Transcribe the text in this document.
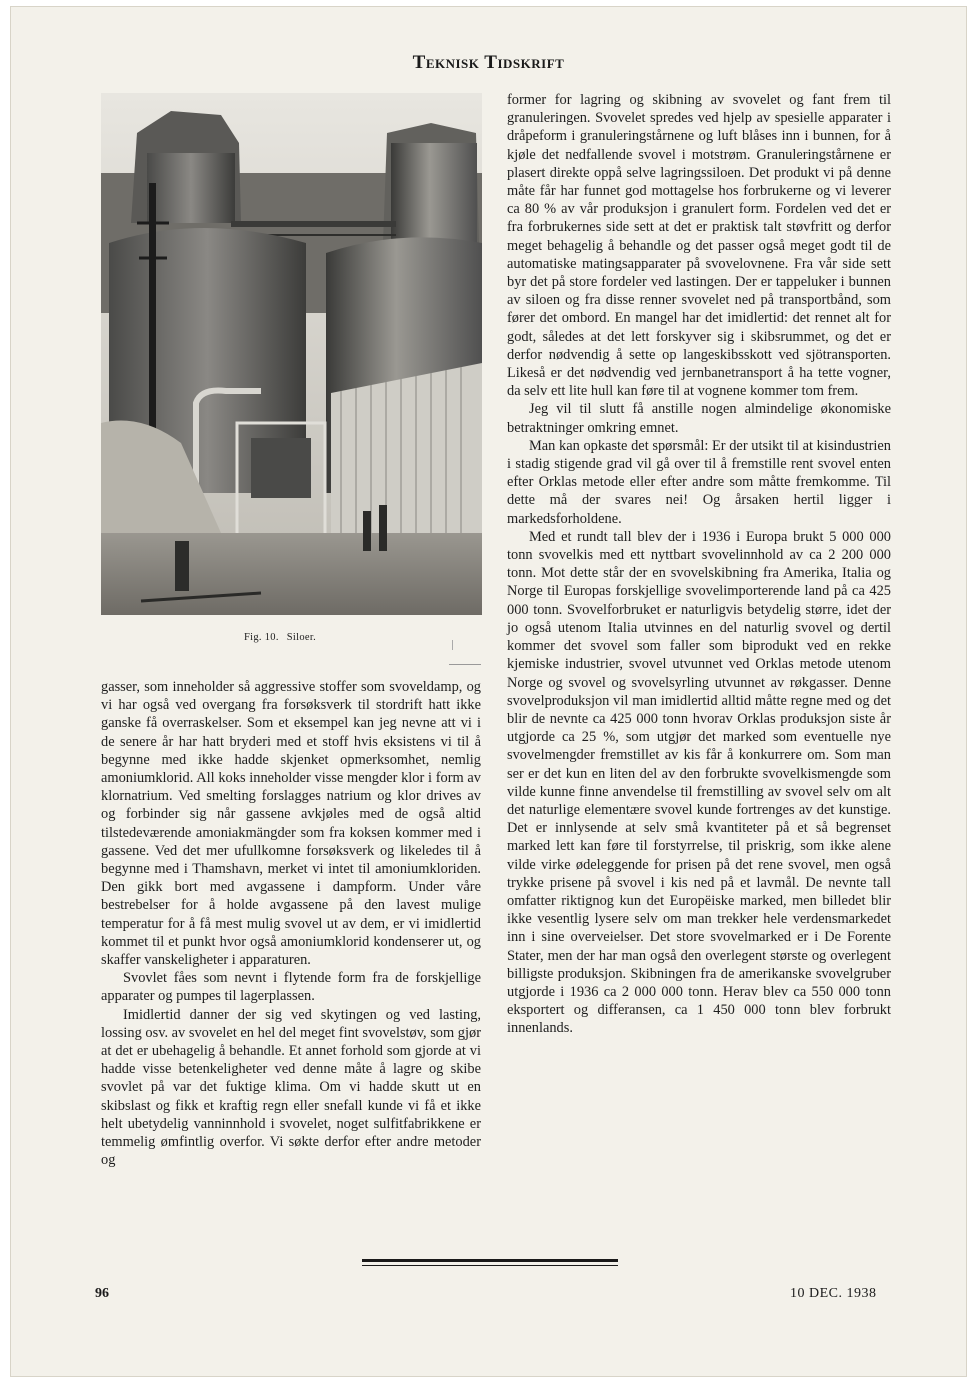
Teknisk Tidskrift
Fig. 10. Siloer.

gasser, som inneholder så aggressive stoffer som svoveldamp, og vi har også ved overgang fra forsøksverk til stordrift hatt ikke ganske få overraskelser. Som et eksempel kan jeg nevne att vi i de senere år har hatt bryderi med et stoff hvis eksistens vi til å begynne med ikke hadde skjenket opmerksomhet, nemlig amoniumklorid. All koks inneholder visse mengder klor i form av klornatrium. Ved smelting forslagges natrium og klor drives av og forbinder sig når gassene avkjøles med de også altid tilstedeværende amoniakmängder som fra koksen kommer med i gassene. Ved det mer ufullkomne forsøksverk og likeledes til å begynne med i Thamshavn, merket vi intet til amoniumkloriden. Den gikk bort med avgassene i dampform. Under våre bestrebelser for å holde avgassene på den lavest mulige temperatur for å få mest mulig svovel ut av dem, er vi imidlertid kommet til et punkt hvor også amoniumklorid kondenserer ut, og skaffer vanskeligheter i apparaturen.

Svovlet fåes som nevnt i flytende form fra de forskjellige apparater og pumpes til lagerplassen.

Imidlertid danner der sig ved skytingen og ved lasting, lossing osv. av svovelet en hel del meget fint svovelstøv, som gjør at det er ubehagelig å behandle. Et annet forhold som gjorde at vi hadde visse betenkeligheter ved denne måte å lagre og skibe svovlet på var det fuktige klima. Om vi hadde skutt ut en skibslast og fikk et kraftig regn eller snefall kunde vi få et ikke helt ubetydelig vanninnhold i svovelet, noget sulfitfabrikkene er temmelig ømfintlig overfor. Vi søkte derfor efter andre metoder og

former for lagring og skibning av svovelet og fant frem til granuleringen. Svovelet spredes ved hjelp av spesielle apparater i dråpeform i granuleringstårnene og luft blåses inn i bunnen, for å kjøle det nedfallende svovel i motstrøm. Granuleringstårnene er plasert direkte oppå selve lagringssiloen. Det produkt vi på denne måte får har funnet god mottagelse hos forbrukerne og vi leverer ca 80 % av vår produksjon i granulert form. Fordelen ved det er fra forbrukernes side sett at det er praktisk talt støvfritt og derfor meget behagelig å behandle og det passer også meget godt til de automatiske matingsapparater på svovelovnene. Fra vår side sett byr det på store fordeler ved lastingen. Der er tappeluker i bunnen av siloen og fra disse renner svovelet ned på transportbånd, som fører det ombord. En mangel har det imidlertid: det rennet alt for godt, således at det lett forskyver sig i skibsrummet, og det er derfor nødvendig å sette op langeskibsskott ved sjötransporten. Likeså er det nødvendig ved jernbanetransport å ha tette vogner, da selv ett lite hull kan føre til at vognene kommer tom frem.

Jeg vil til slutt få anstille nogen almindelige økonomiske betraktninger omkring emnet.

Man kan opkaste det spørsmål: Er der utsikt til at kisindustrien i stadig stigende grad vil gå over til å fremstille rent svovel enten efter Orklas metode eller efter andre som måtte fremkomme. Til dette må der svares nei! Og årsaken hertil ligger i markedsforholdene.

Med et rundt tall blev der i 1936 i Europa brukt 5 000 000 tonn svovelkis med ett nyttbart svovelinnhold av ca 2 200 000 tonn. Mot dette står der en svovelskibning fra Amerika, Italia og Norge til Europas forskjellige svovelimporterende land på ca 425 000 tonn. Svovelforbruket er naturligvis betydelig større, idet der jo også utenom Italia utvinnes en del naturlig svovel og dertil kommer det svovel som faller som biprodukt ved en rekke kjemiske industrier, svovel utvunnet ved Orklas metode utenom Norge og svovel og svovelsyrling utvunnet av røkgasser. Denne svovelproduksjon vil man imidlertid alltid måtte regne med og det blir de nevnte ca 425 000 tonn hvorav Orklas produksjon siste år utgjorde ca 25 %, som utgjør det marked som eventuelle nye svovelmengder fremstillet av kis får å konkurrere om. Som man ser er det kun en liten del av den forbrukte svovelkismengde som vilde kunne finne anvendelse til fremstilling av svovel selv om alt det naturlige elementære svovel kunde fortrenges av det kunstige. Det er innlysende at selv små kvantiteter på et så begrenset marked lett kan føre til forstyrrelse, til priskrig, som ikke alene vilde virke ødeleggende for prisen på det rene svovel, men også trykke prisene på svovel i kis ned på et lavmål. De nevnte tall omfatter riktignog kun det Europëiske marked, men billedet blir ikke vesentlig lysere selv om man trekker hele verdensmarkedet inn i sine overveielser. Det store svovelmarked er i De Forente Stater, men der har man også den overlegent største og overlegent billigste produksjon. Skibningen fra de amerikanske svovelgruber utgjorde i 1936 ca 2 000 000 tonn. Herav blev ca 550 000 tonn eksportert og differansen, ca 1 450 000 tonn blev forbrukt innenlands.

96	10 DEC. 1938
